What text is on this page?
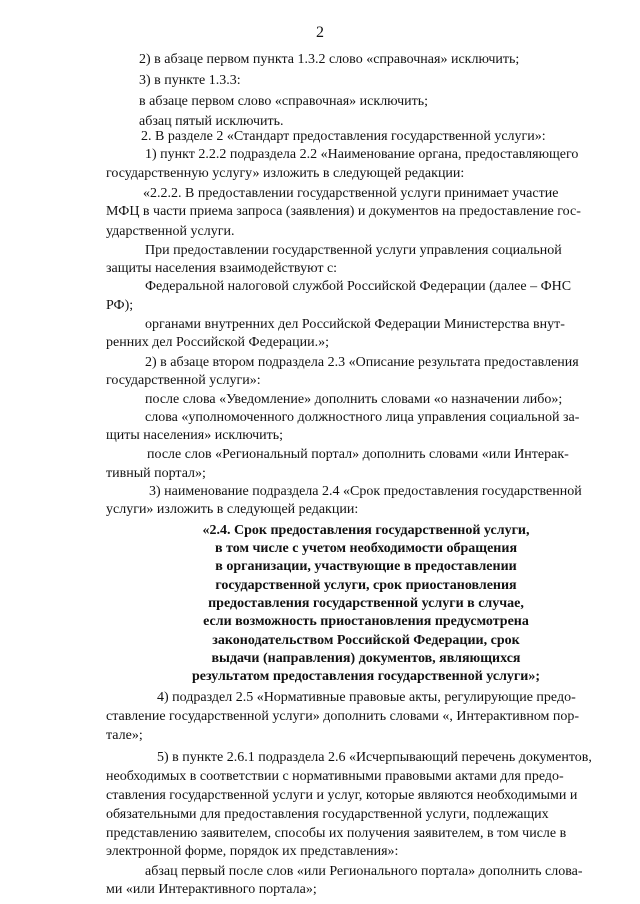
2
2) в абзаце первом пункта 1.3.2 слово «справочная» исключить;
3) в пункте 1.3.3:
в абзаце первом слово «справочная» исключить;
абзац пятый исключить.
2. В разделе 2 «Стандарт предоставления государственной услуги»:
1) пункт 2.2.2 подраздела 2.2 «Наименование органа, предоставляющего
государственную услугу» изложить в следующей редакции:
«2.2.2. В предоставлении государственной услуги принимает участие
МФЦ в части приема запроса (заявления) и документов на предоставление гос-
ударственной услуги.
При предоставлении государственной услуги управления социальной
защиты населения взаимодействуют с:
Федеральной налоговой службой Российской Федерации (далее – ФНС
РФ);
органами внутренних дел Российской Федерации Министерства внут-
ренних дел Российской Федерации.»;
2) в абзаце втором подраздела 2.3 «Описание результата предоставления
государственной услуги»:
после слова «Уведомление» дополнить словами «о назначении либо»;
слова «уполномоченного должностного лица управления социальной за-
щиты населения» исключить;
после слов «Региональный портал» дополнить словами «или Интерак-
тивный портал»;
3) наименование подраздела 2.4 «Срок предоставления государственной
услуги» изложить в следующей редакции:
«2.4. Срок предоставления государственной услуги,
в том числе с учетом необходимости обращения
в организации, участвующие в предоставлении
государственной услуги, срок приостановления
предоставления государственной услуги в случае,
если возможность приостановления предусмотрена
законодательством Российской Федерации, срок
выдачи (направления) документов, являющихся
результатом предоставления государственной услуги»;
4) подраздел 2.5 «Нормативные правовые акты, регулирующие предо-
ставление государственной услуги» дополнить словами «, Интерактивном пор-
тале»;
5) в пункте 2.6.1 подраздела 2.6 «Исчерпывающий перечень документов,
необходимых в соответствии с нормативными правовыми актами для предо-
ставления государственной услуги и услуг, которые являются необходимыми и
обязательными для предоставления государственной услуги, подлежащих
представлению заявителем, способы их получения заявителем, в том числе в
электронной форме, порядок их представления»:
абзац первый после слов «или Регионального портала» дополнить слова-
ми «или Интерактивного портала»;
